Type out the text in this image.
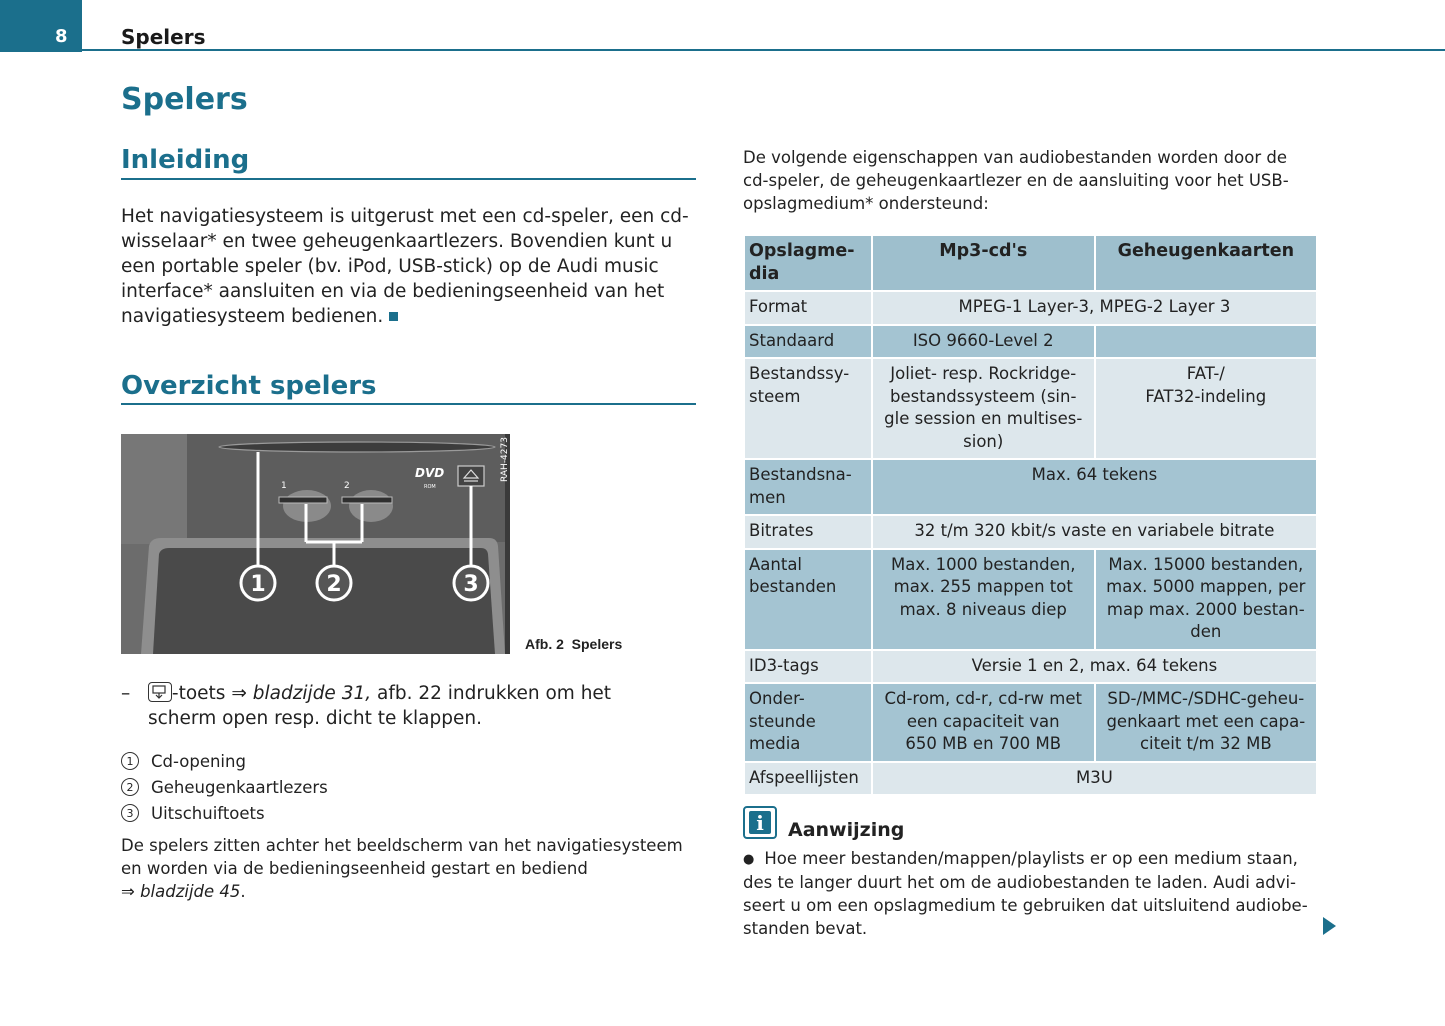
8	Spelers
Spelers
Inleiding
Het navigatiesysteem is uitgerust met een cd-speler, een cd-
wisselaar* en twee geheugenkaartlezers. Bovendien kunt u
een portable speler (bv. iPod, USB-stick) op de Audi music
interface* aansluiten en via de bedieningseenheid van het
navigatiesysteem bedienen.
Overzicht spelers
1	2
DVD
ROM
RAH-4273
1	2	3
Afb. 2 Spelers
– -toets ⇒ bladzijde 31, afb. 22 indrukken om het
scherm open resp. dicht te klappen.
1	Cd-opening
2	Geheugenkaartlezers
3	Uitschuiftoets
De spelers zitten achter het beeldscherm van het navigatiesysteem
en worden via de bedieningseenheid gestart en bediend
⇒ bladzijde 45.
De volgende eigenschappen van audiobestanden worden door de
cd-speler, de geheugenkaartlezer en de aansluiting voor het USB-
opslagmedium* ondersteund:
Opslagme-
dia	Mp3-cd's	Geheugenkaarten
Format	MPEG-1 Layer-3, MPEG-2 Layer 3	
Standaard	ISO 9660-Level 2	
Bestandssy-
steem	Joliet- resp. Rockridge-
bestandssysteem (sin-
gle session en multises-
sion)	FAT-/
FAT32-indeling
Bestandsna-
men	Max. 64 tekens	
Bitrates	32 t/m 320 kbit/s vaste en variabele bitrate	
Aantal
bestanden	Max. 1000 bestanden,
max. 255 mappen tot
max. 8 niveaus diep	Max. 15000 bestanden,
max. 5000 mappen, per
map max. 2000 bestan-
den
ID3-tags	Versie 1 en 2, max. 64 tekens	
Onder-
steunde
media	Cd-rom, cd-r, cd-rw met
een capaciteit van
650 MB en 700 MB	SD-/MMC-/SDHC-geheu-
genkaart met een capa-
citeit t/m 32 MB
Afspeellijsten	M3U	
i	Aanwijzing
● Hoe meer bestanden/mappen/playlists er op een medium staan,
des te langer duurt het om de audiobestanden te laden. Audi advi-
seert u om een opslagmedium te gebruiken dat uitsluitend audiobe-
standen bevat.
